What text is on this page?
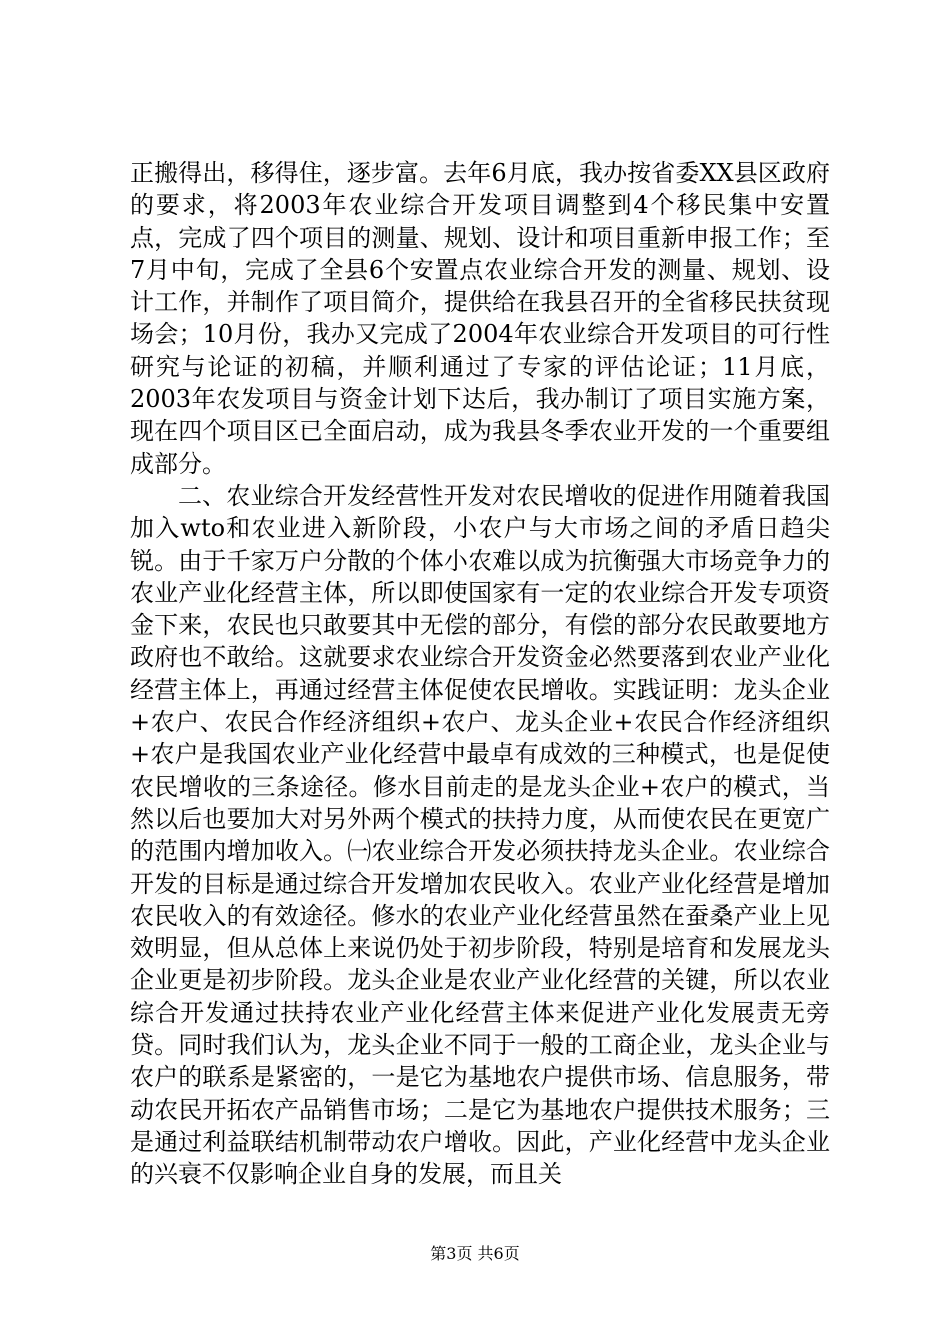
正搬得出，移得住，逐步富。去年6月底，我办按省委XX县区政府的要求，将2003年农业综合开发项目调整到4个移民集中安置点，完成了四个项目的测量、规划、设计和项目重新申报工作；至7月中旬，完成了全县6个安置点农业综合开发的测量、规划、设计工作，并制作了项目简介，提供给在我县召开的全省移民扶贫现场会；10月份，我办又完成了2004年农业综合开发项目的可行性研究与论证的初稿，并顺利通过了专家的评估论证；11月底，2003年农发项目与资金计划下达后，我办制订了项目实施方案，现在四个项目区已全面启动，成为我县冬季农业开发的一个重要组成部分。

二、农业综合开发经营性开发对农民增收的促进作用随着我国加入wto和农业进入新阶段，小农户与大市场之间的矛盾日趋尖锐。由于千家万户分散的个体小农难以成为抗衡强大市场竞争力的农业产业化经营主体，所以即使国家有一定的农业综合开发专项资金下来，农民也只敢要其中无偿的部分，有偿的部分农民敢要地方政府也不敢给。这就要求农业综合开发资金必然要落到农业产业化经营主体上，再通过经营主体促使农民增收。实践证明：龙头企业+农户、农民合作经济组织+农户、龙头企业+农民合作经济组织+农户是我国农业产业化经营中最卓有成效的三种模式，也是促使农民增收的三条途径。修水目前走的是龙头企业+农户的模式，当然以后也要加大对另外两个模式的扶持力度，从而使农民在更宽广的范围内增加收入。㈠农业综合开发必须扶持龙头企业。农业综合开发的目标是通过综合开发增加农民收入。农业产业化经营是增加农民收入的有效途径。修水的农业产业化经营虽然在蚕桑产业上见效明显，但从总体上来说仍处于初步阶段，特别是培育和发展龙头企业更是初步阶段。龙头企业是农业产业化经营的关键，所以农业综合开发通过扶持农业产业化经营主体来促进产业化发展责无旁贷。同时我们认为，龙头企业不同于一般的工商企业，龙头企业与农户的联系是紧密的，一是它为基地农户提供市场、信息服务，带动农民开拓农产品销售市场；二是它为基地农户提供技术服务；三是通过利益联结机制带动农户增收。因此，产业化经营中龙头企业的兴衰不仅影响企业自身的发展，而且关

第3页 共6页
